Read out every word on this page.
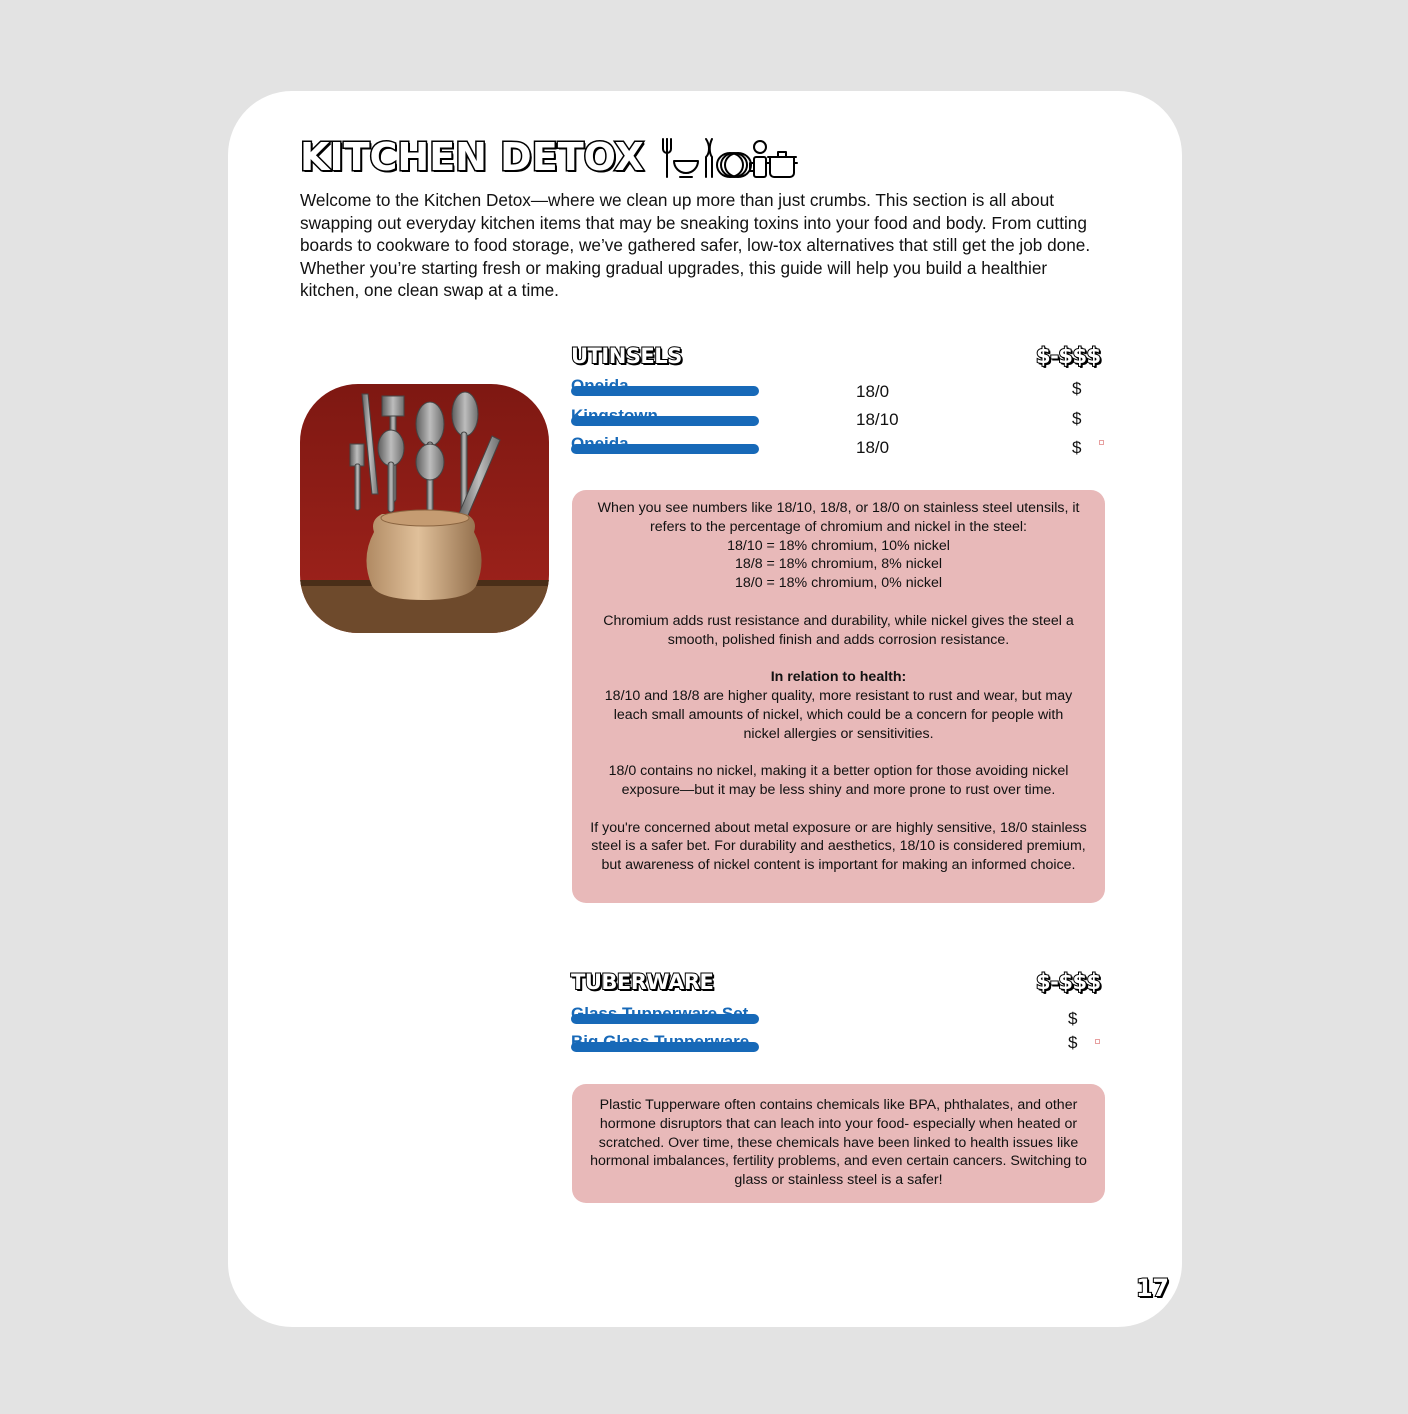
KITCHEN DETOX
Welcome to the Kitchen Detox—where we clean up more than just crumbs. This section is all about swapping out everyday kitchen items that may be sneaking toxins into your food and body. From cutting boards to cookware to food storage, we’ve gathered safer, low-tox alternatives that still get the job done. Whether you’re starting fresh or making gradual upgrades, this guide will help you build a healthier kitchen, one clean swap at a time.
UTINSELS	$-$$$
Oneida	18/0	$
Kingstown	18/10	$
Oneida	18/0	$

When you see numbers like 18/10, 18/8, or 18/0 on stainless steel utensils, it

refers to the percentage of chromium and nickel in the steel:

18/10 = 18% chromium, 10% nickel

18/8 = 18% chromium, 8% nickel

18/0 = 18% chromium, 0% nickel

Chromium adds rust resistance and durability, while nickel gives the steel a smooth, polished finish and adds corrosion resistance.

In relation to health:

18/10 and 18/8 are higher quality, more resistant to rust and wear, but may leach small amounts of nickel, which could be a concern for people with nickel allergies or sensitivities.

18/0 contains no nickel, making it a better option for those avoiding nickel exposure—but it may be less shiny and more prone to rust over time.

If you're concerned about metal exposure or are highly sensitive, 18/0 stainless steel is a safer bet. For durability and aesthetics, 18/10 is considered premium, but awareness of nickel content is important for making an informed choice.

TUBERWARE	$-$$$
Glass Tupperware Set	$
Big Glass Tupperware	$

Plastic Tupperware often contains chemicals like BPA, phthalates, and other hormone disruptors that can leach into your food- especially when heated or scratched. Over time, these chemicals have been linked to health issues like hormonal imbalances, fertility problems, and even certain cancers. Switching to glass or stainless steel is a safer!

17
